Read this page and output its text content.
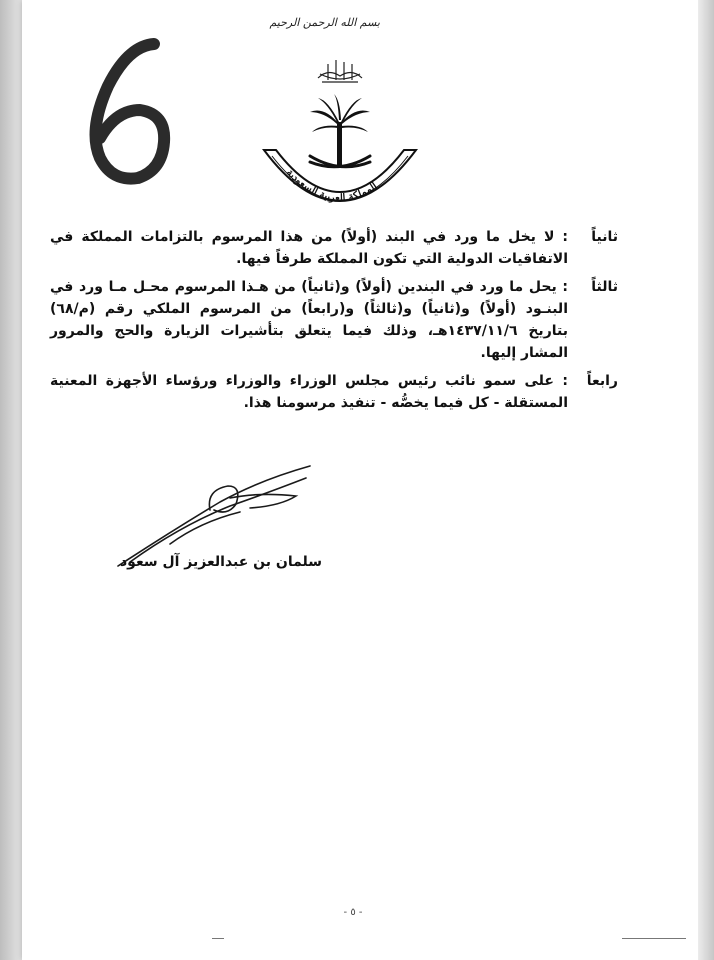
بسم الله الرحمن الرحيم
المملكة العربية السعودية
ثانياً
: لا يخل ما ورد في البند (أولاً) من هذا المرسوم بالتزامات المملكة في الاتفاقيات الدولية التي تكون المملكة طرفاً فيها.
ثالثاً
: يحل ما ورد في البندين (أولاً) و(ثانياً) من هـذا المرسوم محـل مـا ورد في البنـود (أولاً) و(ثانياً) و(ثالثاً) و(رابعاً) من المرسوم الملكي رقم (م/٦٨) بتاريخ ١٤٣٧/١١/٦هـ، وذلك فيما يتعلق بتأشيرات الزيارة والحج والمرور المشار إليها.
رابعاً
: على سمو نائب رئيس مجلس الوزراء والوزراء ورؤساء الأجهزة المعنية المستقلة - كل فيما يخصُّه - تنفيذ مرسومنا هذا.
سلمان بن عبدالعزيز آل سعود
- ٥ -
